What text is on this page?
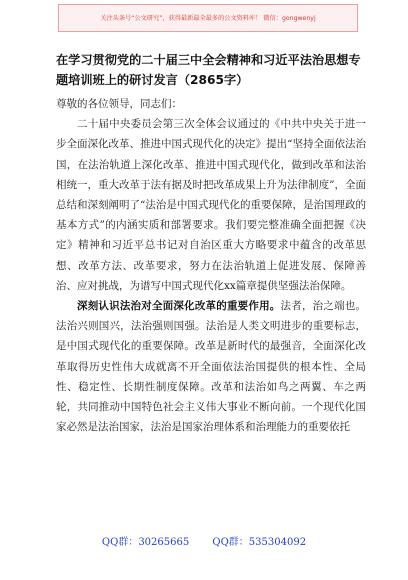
关注头条号“公文研究”，获得最新最全最多的公文资料库！ 微信：gongwenyj
在学习贯彻党的二十届三中全会精神和习近平法治思想专题培训班上的研讨发言（2865字）

尊敬的各位领导，同志们：

二十届中央委员会第三次全体会议通过的《中共中央关于进一步全面深化改革、推进中国式现代化的决定》提出“坚持全面依法治国，在法治轨道上深化改革、推进中国式现代化，做到改革和法治相统一，重大改革于法有据及时把改革成果上升为法律制度”，全面总结和深刻阐明了“法治是中国式现代化的重要保障，是治国理政的基本方式”的内涵实质和部署要求。我们要完整准确全面把握《决定》精神和习近平总书记对自治区重大方略要求中蕴含的改革思想、改革方法、改革要求，努力在法治轨道上促进发展、保障善治、应对挑战，为谱写中国式现代化xx篇章提供坚强法治保障。

深刻认识法治对全面深化改革的重要作用。法者，治之端也。法治兴则国兴，法治强则国强。法治是人类文明进步的重要标志，是中国式现代化的重要保障。改革是新时代的最强音，全面深化改革取得历史性伟大成就离不开全面依法治国提供的根本性、全局性、稳定性、长期性制度保障。改革和法治如鸟之两翼、车之两轮，共同推动中国特色社会主义伟大事业不断向前。一个现代化国家必然是法治国家，法治是国家治理体系和治理能力的重要依托

QQ群：30265665 QQ群：535304092
